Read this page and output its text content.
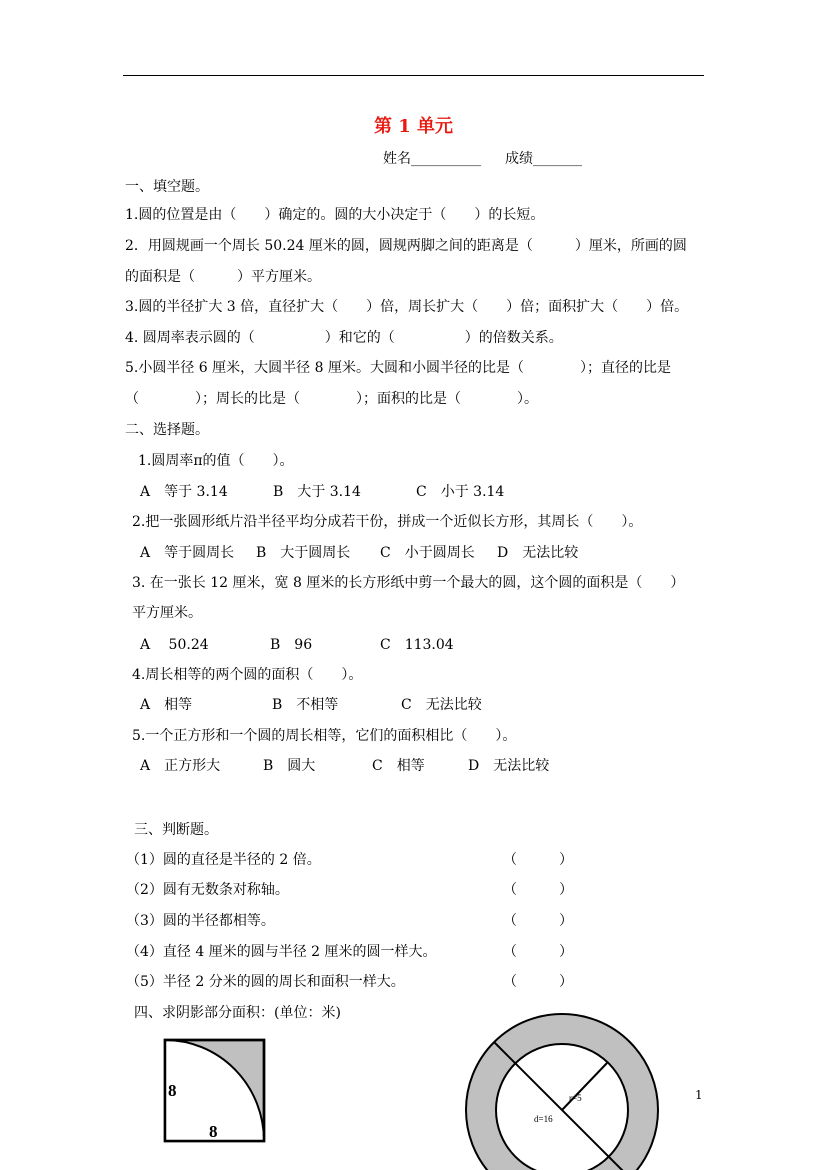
第 1 单元
姓名__________ 成绩_______
一、填空题。
1.圆的位置是由（　　）确定的。圆的大小决定于（　　）的长短。
2．用圆规画一个周长 50.24 厘米的圆，圆规两脚之间的距离是（　　　）厘米，所画的圆
的面积是（　　　）平方厘米。
3.圆的半径扩大 3 倍，直径扩大（　　）倍，周长扩大（　　）倍；面积扩大（　　）倍。
4. 圆周率表示圆的（　　　　　）和它的（　　　　　）的倍数关系。
5.小圆半径 6 厘米，大圆半径 8 厘米。大圆和小圆半径的比是（　　　　）；直径的比是
（　　　　）；周长的比是（　　　　）；面积的比是（　　　　）。
二、选择题。
1.圆周率π的值（　　）。
A　等于 3.14	B　大于 3.14	C　小于 3.14
2.把一张圆形纸片沿半径平均分成若干份，拼成一个近似长方形，其周长（　　）。
A　等于圆周长 B　大于圆周长 C　小于圆周长 D　无法比较
3. 在一张长 12 厘米，宽 8 厘米的长方形纸中剪一个最大的圆，这个圆的面积是（　　）
平方厘米。
A　 50.24	B　96	C　113.04
4.周长相等的两个圆的面积（　　）。
A　相等	B　不相等	C　无法比较
5.一个正方形和一个圆的周长相等，它们的面积相比（　　）。
A　正方形大	B　圆大	C　相等	D　无法比较
三、判断题。
（1）圆的直径是半径的 2 倍。	（　　　）
（2）圆有无数条对称轴。	（　　　）
（3）圆的半径都相等。	（　　　）
（4）直径 4 厘米的圆与半径 2 厘米的圆一样大。	（　　　）
（5）半径 2 分米的圆的周长和面积一样大。	（　　　）
四、求阴影部分面积：(单位：米)
8
8
r=5
d=16
1
